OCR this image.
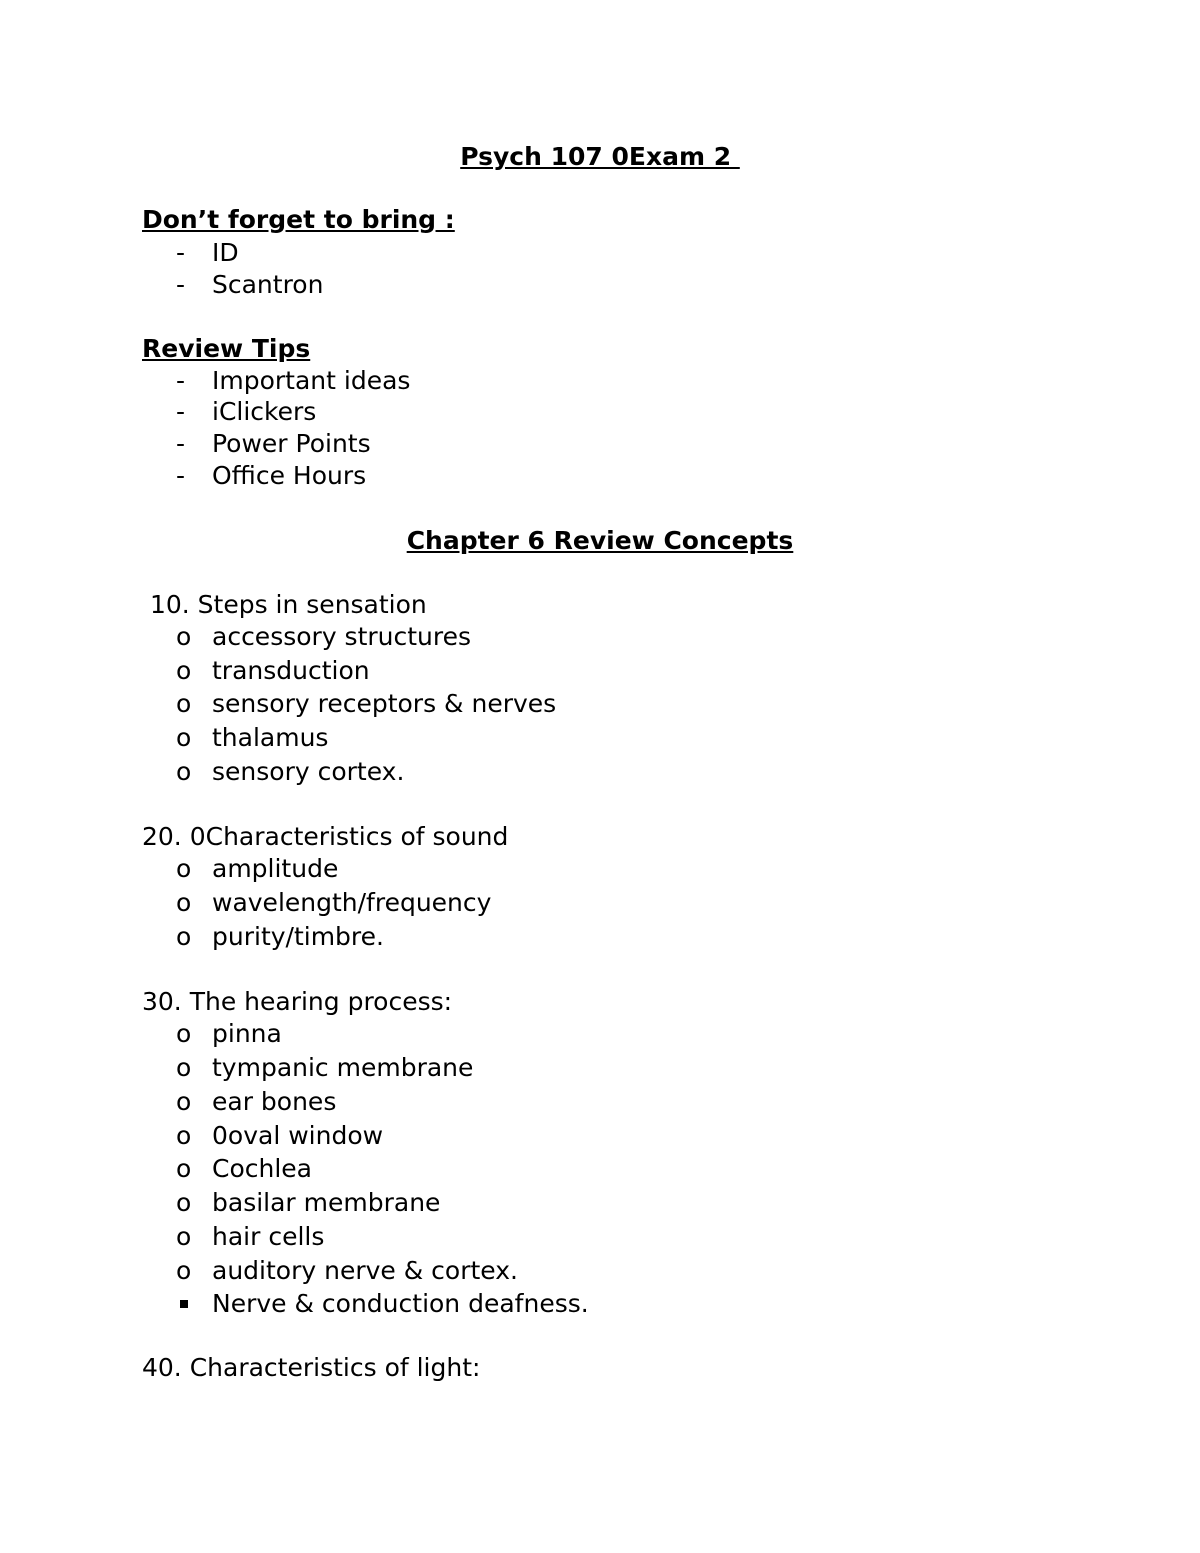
Psych 107 0Exam 2
Don’t forget to bring :

-

	ID

-

	Scantron

Review Tips

-

	Important ideas

-

	iClickers

-

	Power Points

-

	Office Hours

Chapter 6 Review Concepts
10. Steps in sensation

o

accessory structures

o

transduction

o

sensory receptors & nerves

o

thalamus

o

sensory cortex.

20. 0Characteristics of sound

o

amplitude

o

wavelength/frequency

o

purity/timbre.

30. The hearing process:

o

pinna

o

tympanic membrane

o

ear bones

o

0oval window

o

Cochlea

o

basilar membrane

o

hair cells

o

auditory nerve & cortex.

Nerve & conduction deafness.

40. Characteristics of light:
